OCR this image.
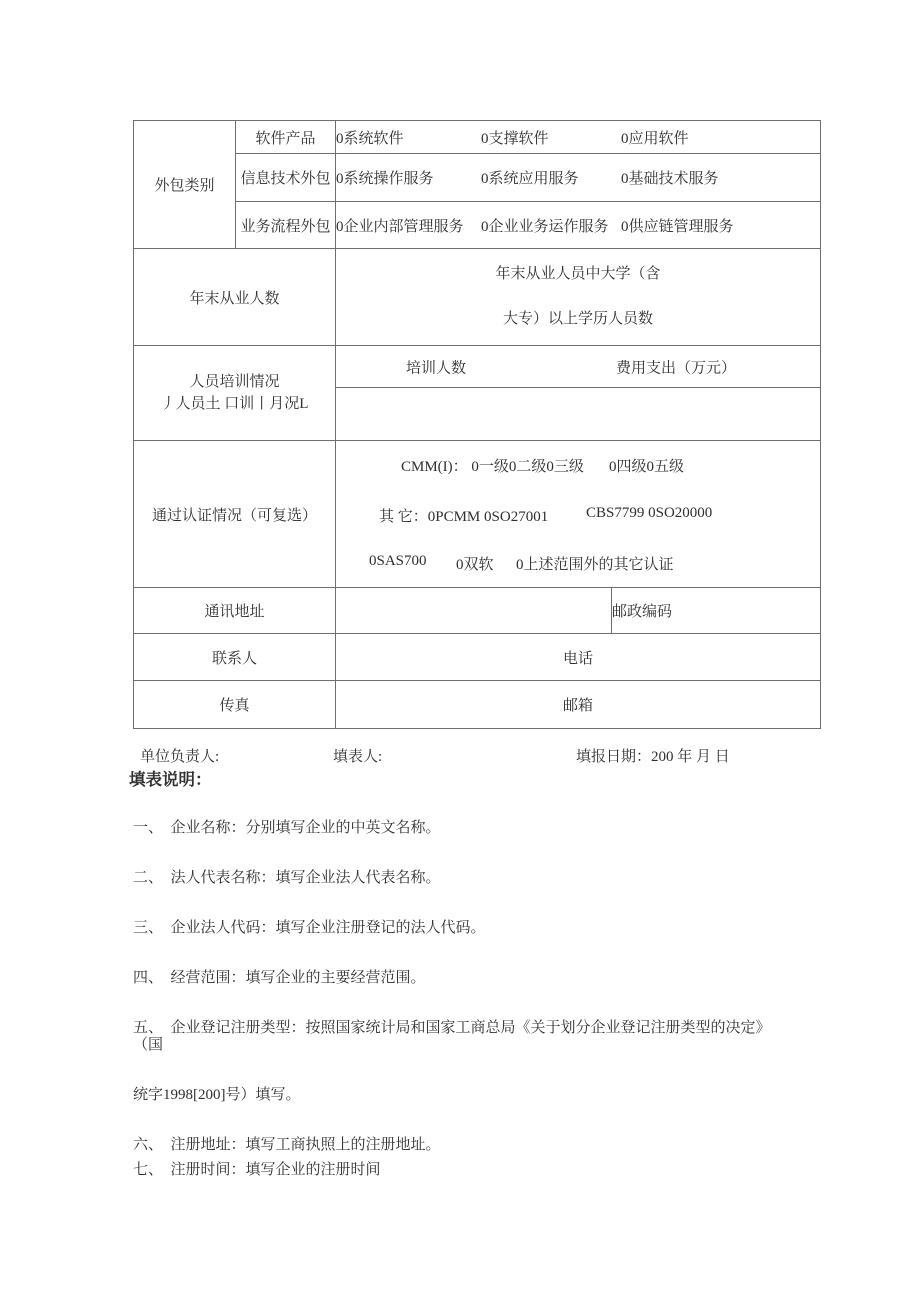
外包类别	软件产品	0系统软件 0支撑软件 0应用软件	
	信息技术外包	0系统操作服务 0系统应用服务 0基础技术服务	
	业务流程外包	0企业内部管理服务 0企业业务运作服务 0供应链管理服务	
年末从业人数		年末从业人员中大学（含
大专）以上学历人员数	

人员培训情况
丿人员土 口训丨月况L

培训人数	费用支出（万元）

通过认证情况（可复选）	
CMM(I)： 0一级0二级0三级 0四级0五级
其 它：0PCMM 0SO27001	CBS7799 0SO20000
0SAS700 0双软 0上述范围外的其它认证

通讯地址			邮政编码
联系人		电话	
传真		邮箱	
单位负责人:	填表人:	填报日期：200 年 月 日
填表说明：

一、  企业名称：分别填写企业的中英文名称。

二、  法人代表名称：填写企业法人代表名称。

三、  企业法人代码：填写企业注册登记的法人代码。

四、  经营范围：填写企业的主要经营范围。

五、  企业登记注册类型：按照国家统计局和国家工商总局《关于划分企业登记注册类型的决定》          （国

统字1998[200]号）填写。

六、  注册地址：填写工商执照上的注册地址。

七、  注册时间：填写企业的注册时间
